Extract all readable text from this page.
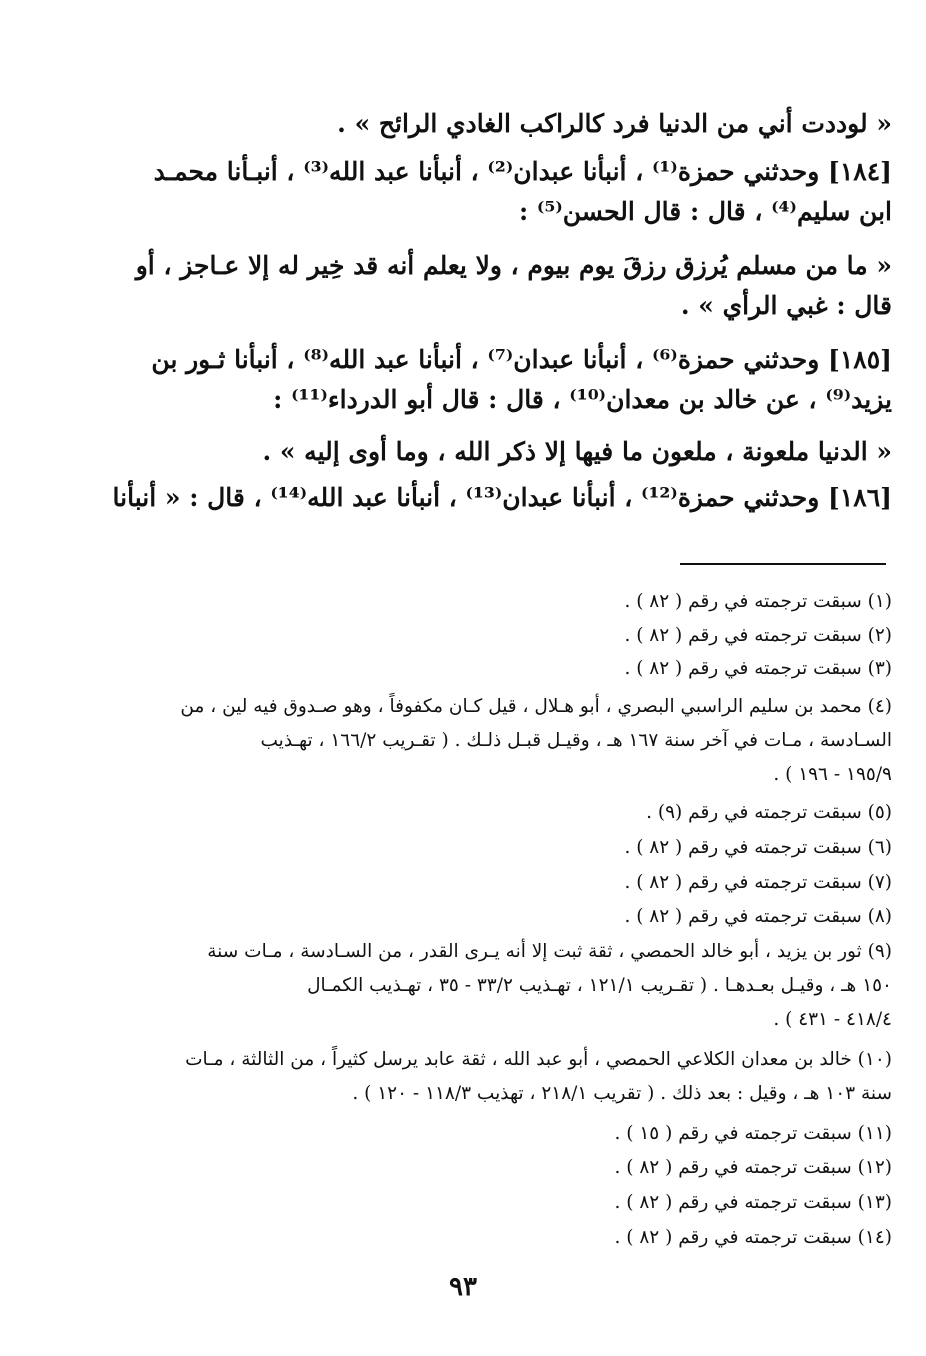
« لوددت أني من الدنيا فرد كالراكب الغادي الرائح » .
[١٨٤] وحدثني حمزة⁽¹⁾ ، أنبأنا عبدان⁽²⁾ ، أنبأنا عبد الله⁽³⁾ ، أنبـأنا محمـد
ابن سليم⁽⁴⁾ ، قال : قال الحسن⁽⁵⁾ :
« ما من مسلم يُرزق رزقَ يوم بيوم ، ولا يعلم أنه قد خِير له إلا عـاجز ، أو
قال : غبي الرأي » .
[١٨٥] وحدثني حمزة⁽⁶⁾ ، أنبأنا عبدان⁽⁷⁾ ، أنبأنا عبد الله⁽⁸⁾ ، أنبأنا ثـور بن
يزيد⁽⁹⁾ ، عن خالد بن معدان⁽¹⁰⁾ ، قال : قال أبو الدرداء⁽¹¹⁾ :
« الدنيا ملعونة ، ملعون ما فيها إلا ذكر الله ، وما أوى إليه » .
[١٨٦] وحدثني حمزة⁽¹²⁾ ، أنبأنا عبدان⁽¹³⁾ ، أنبأنا عبد الله⁽¹⁴⁾ ، قال : « أنبأنا
(١) سبقت ترجمته في رقم ( ٨٢ ) .
(٢) سبقت ترجمته في رقم ( ٨٢ ) .
(٣) سبقت ترجمته في رقم ( ٨٢ ) .
(٤) محمد بن سليم الراسبي البصري ، أبو هـلال ، قيل كـان مكفوفاً ، وهو صـدوق فيه لين ، من
السـادسة ، مـات في آخر سنة ١٦٧ هـ ، وقيـل قبـل ذلـك . ( تقـريب ١٦٦/٢ ، تهـذيب
١٩٥/٩ - ١٩٦ ) .
(٥) سبقت ترجمته في رقم (٩) .
(٦) سبقت ترجمته في رقم ( ٨٢ ) .
(٧) سبقت ترجمته في رقم ( ٨٢ ) .
(٨) سبقت ترجمته في رقم ( ٨٢ ) .
(٩) ثور بن يزيد ، أبو خالد الحمصي ، ثقة ثبت إلا أنه يـرى القدر ، من السـادسة ، مـات سنة
١٥٠ هـ ، وقيـل بعـدهـا . ( تقـريب ١٢١/١ ، تهـذيب ٣٣/٢ - ٣٥ ، تهـذيب الكمـال
٤١٨/٤ - ٤٣١ ) .
(١٠) خالد بن معدان الكلاعي الحمصي ، أبو عبد الله ، ثقة عابد يرسل كثيراً ، من الثالثة ، مـات
سنة ١٠٣ هـ ، وقيل : بعد ذلك . ( تقريب ٢١٨/١ ، تهذيب ١١٨/٣ - ١٢٠ ) .
(١١) سبقت ترجمته في رقم ( ١٥ ) .
(١٢) سبقت ترجمته في رقم ( ٨٢ ) .
(١٣) سبقت ترجمته في رقم ( ٨٢ ) .
(١٤) سبقت ترجمته في رقم ( ٨٢ ) .
٩٣
